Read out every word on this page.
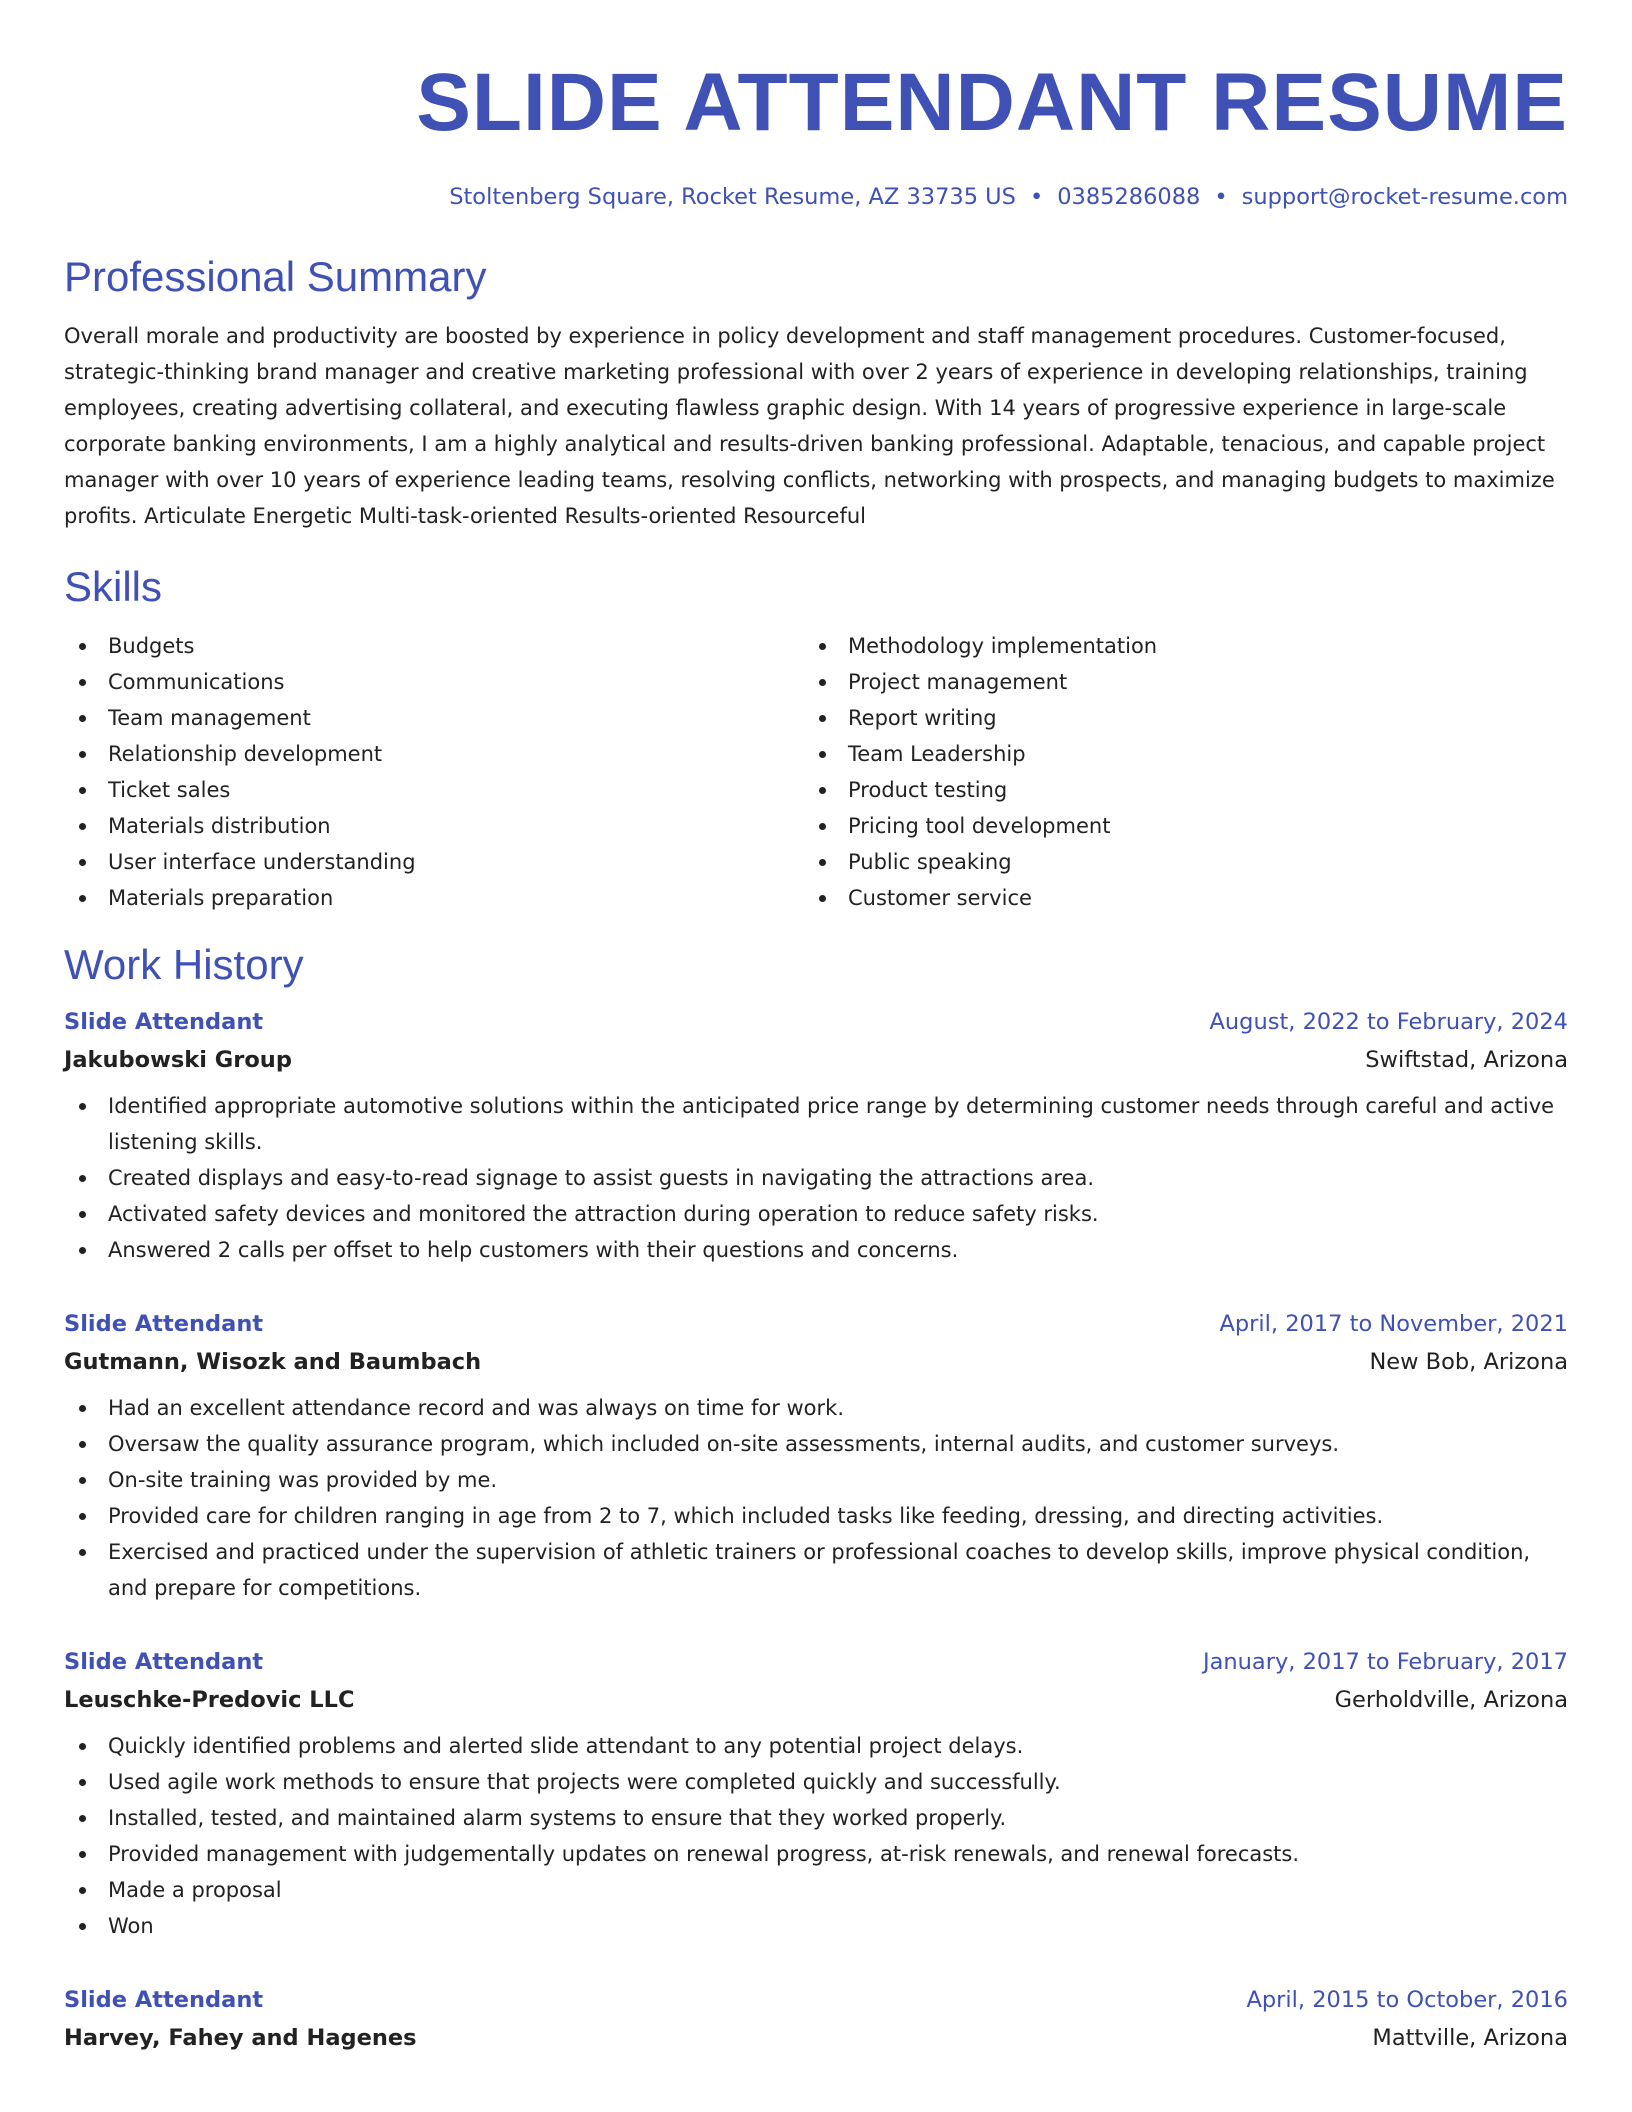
SLIDE ATTENDANT RESUME
Stoltenberg Square, Rocket Resume, AZ 33735 US • 0385286088 • support@rocket-resume.com
Professional Summary

Overall morale and productivity are boosted by experience in policy development and staff management procedures. Customer-focused, strategic-thinking brand manager and creative marketing professional with over 2 years of experience in developing relationships, training employees, creating advertising collateral, and executing flawless graphic design. With 14 years of progressive experience in large-scale corporate banking environments, I am a highly analytical and results-driven banking professional. Adaptable, tenacious, and capable project manager with over 10 years of experience leading teams, resolving conflicts, networking with prospects, and managing budgets to maximize profits. Articulate Energetic Multi-task-oriented Results-oriented Resourceful

Skills
Budgets
Communications
Team management
Relationship development
Ticket sales
Materials distribution
User interface understanding
Materials preparation
Methodology implementation
Project management
Report writing
Team Leadership
Product testing
Pricing tool development
Public speaking
Customer service
Work History
Slide Attendant	August, 2022 to February, 2024
Jakubowski Group	Swiftstad, Arizona
Identified appropriate automotive solutions within the anticipated price range by determining customer needs through careful and active listening skills.
Created displays and easy-to-read signage to assist guests in navigating the attractions area.
Activated safety devices and monitored the attraction during operation to reduce safety risks.
Answered 2 calls per offset to help customers with their questions and concerns.
Slide Attendant	April, 2017 to November, 2021
Gutmann, Wisozk and Baumbach	New Bob, Arizona
Had an excellent attendance record and was always on time for work.
Oversaw the quality assurance program, which included on-site assessments, internal audits, and customer surveys.
On-site training was provided by me.
Provided care for children ranging in age from 2 to 7, which included tasks like feeding, dressing, and directing activities.
Exercised and practiced under the supervision of athletic trainers or professional coaches to develop skills, improve physical condition, and prepare for competitions.
Slide Attendant	January, 2017 to February, 2017
Leuschke-Predovic LLC	Gerholdville, Arizona
Quickly identified problems and alerted slide attendant to any potential project delays.
Used agile work methods to ensure that projects were completed quickly and successfully.
Installed, tested, and maintained alarm systems to ensure that they worked properly.
Provided management with judgementally updates on renewal progress, at-risk renewals, and renewal forecasts.
Made a proposal
Won
Slide Attendant	April, 2015 to October, 2016
Harvey, Fahey and Hagenes	Mattville, Arizona
